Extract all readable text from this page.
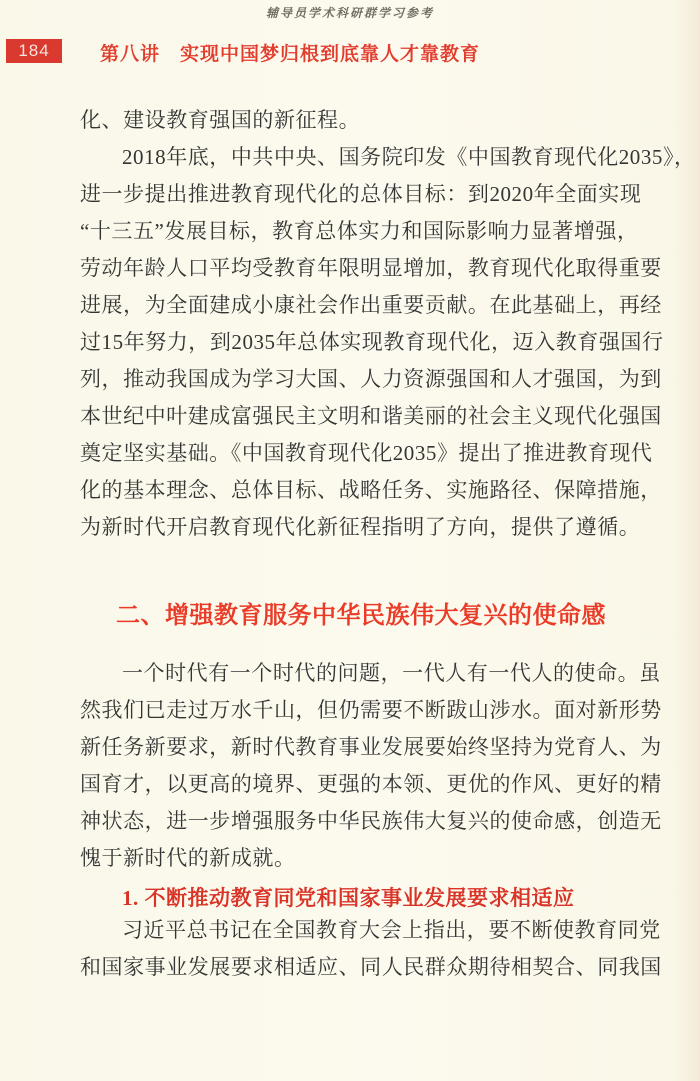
辅导员学术科研群学习参考
184	第八讲　实现中国梦归根到底靠人才靠教育
化、建设教育强国的新征程。
2018年底，中共中央、国务院印发《中国教育现代化2035》，
进一步提出推进教育现代化的总体目标：到2020年全面实现
“十三五”发展目标，教育总体实力和国际影响力显著增强，
劳动年龄人口平均受教育年限明显增加，教育现代化取得重要
进展，为全面建成小康社会作出重要贡献。在此基础上，再经
过15年努力，到2035年总体实现教育现代化，迈入教育强国行
列，推动我国成为学习大国、人力资源强国和人才强国，为到
本世纪中叶建成富强民主文明和谐美丽的社会主义现代化强国
奠定坚实基础。《中国教育现代化2035》提出了推进教育现代
化的基本理念、总体目标、战略任务、实施路径、保障措施，
为新时代开启教育现代化新征程指明了方向，提供了遵循。
二、增强教育服务中华民族伟大复兴的使命感
一个时代有一个时代的问题，一代人有一代人的使命。虽
然我们已走过万水千山，但仍需要不断跋山涉水。面对新形势
新任务新要求，新时代教育事业发展要始终坚持为党育人、为
国育才，以更高的境界、更强的本领、更优的作风、更好的精
神状态，进一步增强服务中华民族伟大复兴的使命感，创造无
愧于新时代的新成就。
1. 不断推动教育同党和国家事业发展要求相适应
习近平总书记在全国教育大会上指出，要不断使教育同党
和国家事业发展要求相适应、同人民群众期待相契合、同我国
